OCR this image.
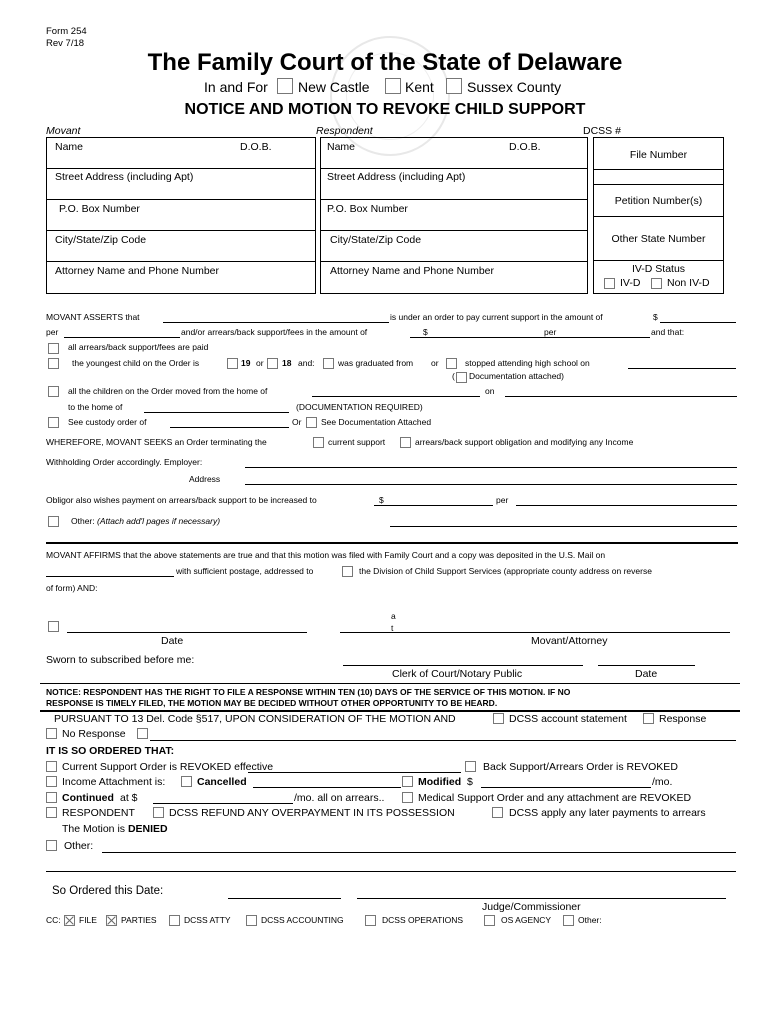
Form 254
Rev 7/18
The Family Court of the State of Delaware
In and For New Castle	Kent Sussex County
NOTICE AND MOTION TO REVOKE CHILD SUPPORT
Movant	Respondent	DCSS #
Name	D.O.B.
Street Address (including Apt)
P.O. Box Number
City/State/Zip Code
Attorney Name and Phone Number
Name	D.O.B.
Street Address (including Apt)
P.O. Box Number
City/State/Zip Code
Attorney Name and Phone Number
File Number
Petition Number(s)
Other State Number
IV-D Status
IV-D	Non IV-D
MOVANT ASSERTS that	is under an order to pay current support in the amount of	$
per	and/or arrears/back support/fees in the amount of	$	per	and that:
all arrears/back support/fees are paid
the youngest child on the Order is	19 or 18 and:	was graduated from or	stopped attending high school on
( Documentation attached)
all the children on the Order moved from the home of	on
to the home of	(DOCUMENTATION REQUIRED)
See custody order of	Or See Documentation Attached
WHEREFORE, MOVANT SEEKS an Order terminating the	current support	arrears/back support obligation and modifying any Income
Withholding Order accordingly. Employer:
Address
Obligor also wishes payment on arrears/back support to be increased to	$	per
Other: (Attach add'l pages if necessary)
MOVANT AFFIRMS that the above statements are true and that this motion was filed with Family Court and a copy was deposited in the U.S. Mail on
with sufficient postage, addressed to	the Division of Child Support Services (appropriate county address on reverse
of form) AND:
a
t
Date	Movant/Attorney
Sworn to subscribed before me:
Clerk of Court/Notary Public	Date
NOTICE: RESPONDENT HAS THE RIGHT TO FILE A RESPONSE WITHIN TEN (10) DAYS OF THE SERVICE OF THIS MOTION. IF NO
RESPONSE IS TIMELY FILED, THE MOTION MAY BE DECIDED WITHOUT OTHER OPPORTUNITY TO BE HEARD.
PURSUANT TO 13 Del. Code §517, UPON CONSIDERATION OF THE MOTION AND	DCSS account statement	Response
No Response
IT IS SO ORDERED THAT:
Current Support Order is REVOKED effective	Back Support/Arrears Order is REVOKED
Income Attachment is:	Cancelled	Modified $	/mo.
Continued at $	/mo. all on arrears..	Medical Support Order and any attachment are REVOKED
RESPONDENT	DCSS REFUND ANY OVERPAYMENT IN ITS POSSESSION	DCSS apply any later payments to arrears
The Motion is DENIED
Other:
So Ordered this Date:
Judge/Commissioner
CC: FILE	PARTIES	DCSS ATTY	DCSS ACCOUNTING	DCSS OPERATIONS	OS AGENCY	Other:
